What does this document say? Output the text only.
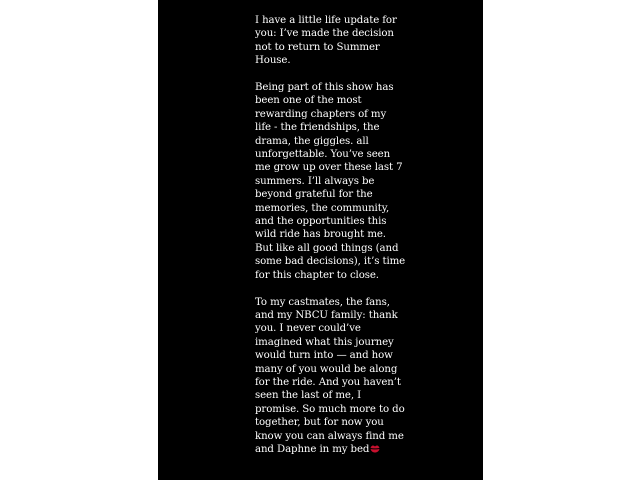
I have a little life update for
you: I’ve made the decision
not to return to Summer
House.

Being part of this show has
been one of the most
rewarding chapters of my
life - the friendships, the
drama, the giggles. all
unforgettable. You’ve seen
me grow up over these last 7
summers. I’ll always be
beyond grateful for the
memories, the community,
and the opportunities this
wild ride has brought me.
But like all good things (and
some bad decisions), it’s time
for this chapter to close.

To my castmates, the fans,
and my NBCU family: thank
you. I never could’ve
imagined what this journey
would turn into — and how
many of you would be along
for the ride. And you haven’t
seen the last of me, I
promise. So much more to do
together, but for now you
know you can always find me
and Daphne in my bed
